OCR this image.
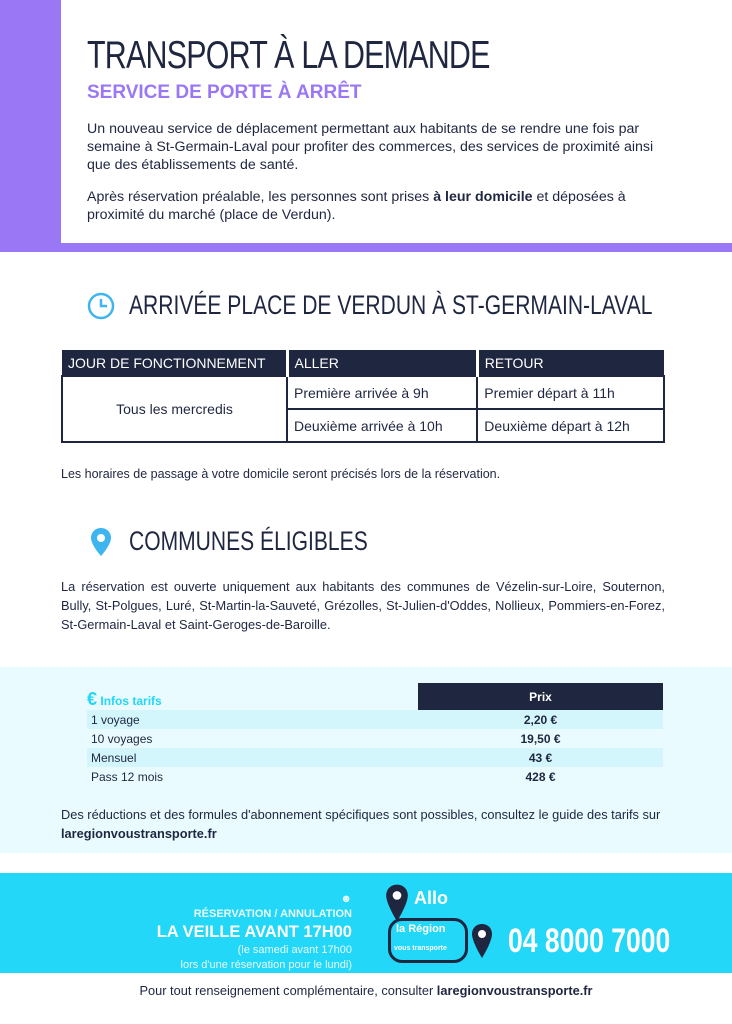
TRANSPORT À LA DEMANDE
SERVICE DE PORTE À ARRÊT

Un nouveau service de déplacement permettant aux habitants de se rendre une fois par semaine à St-Germain-Laval pour profiter des commerces, des services de proximité ainsi que des établissements de santé.

Après réservation préalable, les personnes sont prises à leur domicile et déposées à proximité du marché (place de Verdun).

ARRIVÉE PLACE DE VERDUN À ST-GERMAIN-LAVAL
JOUR DE FONCTIONNEMENT	ALLER	RETOUR
Tous les mercredis	Première arrivée à 9h	Premier départ à 11h
	Deuxième arrivée à 10h	Deuxième départ à 12h
Les horaires de passage à votre domicile seront précisés lors de la réservation.
COMMUNES ÉLIGIBLES

La réservation est ouverte uniquement aux habitants des communes de Vézelin-sur-Loire, Souternon, Bully, St-Polgues, Luré, St-Martin-la-Sauveté, Grézolles, St-Julien-d'Oddes, Nollieux, Pommiers-en-Forez, St-Germain-Laval et Saint-Geroges-de-Baroille.

€ Infos tarifs	Prix
1 voyage	2,20 €
10 voyages	19,50 €
Mensuel	43 €
Pass 12 mois	428 €

Des réductions et des formules d'abonnement spécifiques sont possibles, consultez le guide des tarifs sur laregionvoustransporte.fr

☻
RÉSERVATION / ANNULATION
LA VEILLE AVANT 17H00
(le samedi avant 17h00
lors d'une réservation pour le lundi)
Allo
la Région
vous transporte 04 8000 7000

Pour tout renseignement complémentaire, consulter laregionvoustransporte.fr
